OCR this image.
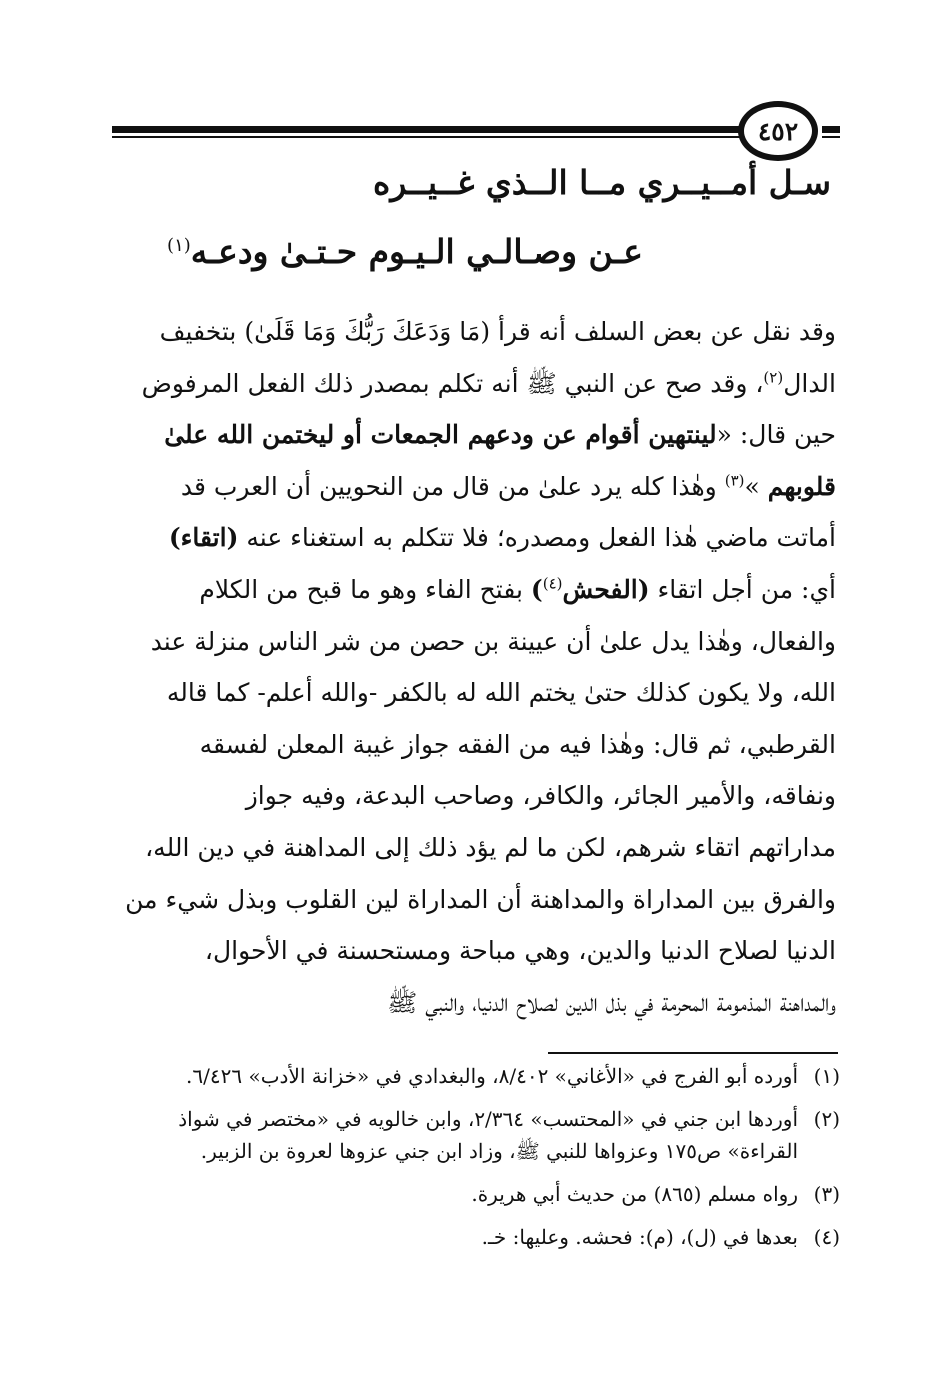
٤٥٢
سـل أمــيــري مــا الــذي غــيــره
عـن وصـالـي الـيـوم حـتـىٰ ودعـه$^{(١)}$
وقد نقل عن بعض السلف أنه قرأ (مَا وَدَعَكَ رَبُّكَ وَمَا قَلَىٰ) بتخفيف
الدال$^{(٢)}$، وقد صح عن النبي ﷺ أنه تكلم بمصدر ذلك الفعل المرفوض
حين قال: «لينتهين أقوام عن ودعهم الجمعات أو ليختمن الله علىٰ
قلوبهم »$^{(٣)}$ وهٰذا كله يرد علىٰ من قال من النحويين أن العرب قد
أماتت ماضي هٰذا الفعل ومصدره؛ فلا تتكلم به استغناء عنه (اتقاء)
أي: من أجل اتقاء (الفحش$^{(٤)}$) بفتح الفاء وهو ما قبح من الكلام
والفعال، وهٰذا يدل علىٰ أن عيينة بن حصن من شر الناس منزلة عند
الله، ولا يكون كذلك حتىٰ يختم الله له بالكفر -والله أعلم- كما قاله
القرطبي، ثم قال: وهٰذا فيه من الفقه جواز غيبة المعلن لفسقه
ونفاقه، والأمير الجائر، والكافر، وصاحب البدعة، وفيه جواز
مداراتهم اتقاء شرهم، لكن ما لم يؤد ذلك إلى المداهنة في دين الله،
والفرق بين المداراة والمداهنة أن المداراة لين القلوب وبذل شيء من
الدنيا لصلاح الدنيا والدين، وهي مباحة ومستحسنة في الأحوال،
والمداهنة المذمومة المحرمة في بذل الدين لصلاح الدنيا، والنبي ﷺ
(١)
أورده أبو الفرج في «الأغاني» ٨/٤٠٢، والبغدادي في «خزانة الأدب» ٦/٤٢٦.
(٢)
أوردها ابن جني في «المحتسب» ٢/٣٦٤، وابن خالويه في «مختصر في شواذ
القراءة» ص١٧٥ وعزواها للنبي ﷺ، وزاد ابن جني عزوها لعروة بن الزبير.
(٣)
رواه مسلم (٨٦٥) من حديث أبي هريرة.
(٤)
بعدها في (ل)، (م): فحشه. وعليها: خـ.
